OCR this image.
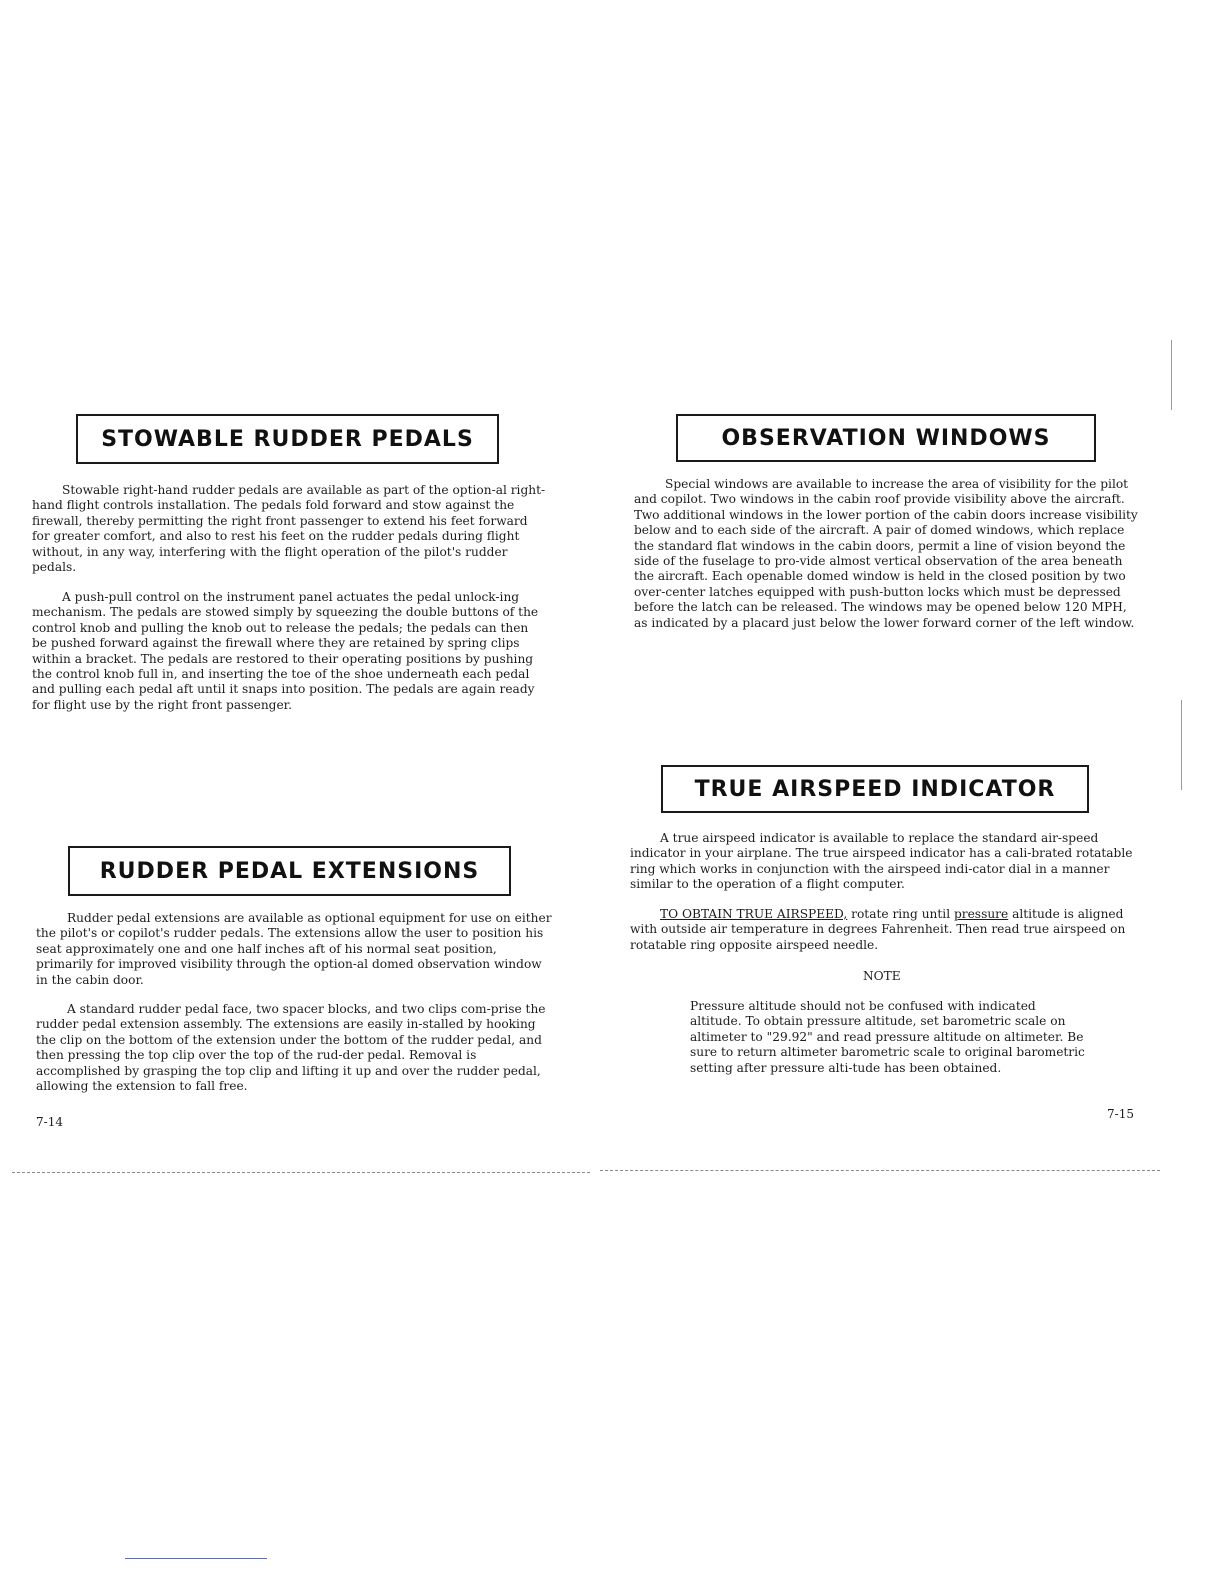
STOWABLE RUDDER PEDALS

Stowable right-hand rudder pedals are available as part of the option-al right-hand flight controls installation. The pedals fold forward and stow against the firewall, thereby permitting the right front passenger to extend his feet forward for greater comfort, and also to rest his feet on the rudder pedals during flight without, in any way, interfering with the flight operation of the pilot's rudder pedals.

A push-pull control on the instrument panel actuates the pedal unlock-ing mechanism. The pedals are stowed simply by squeezing the double buttons of the control knob and pulling the knob out to release the pedals; the pedals can then be pushed forward against the firewall where they are retained by spring clips within a bracket. The pedals are restored to their operating positions by pushing the control knob full in, and inserting the toe of the shoe underneath each pedal and pulling each pedal aft until it snaps into position. The pedals are again ready for flight use by the right front passenger.

RUDDER PEDAL EXTENSIONS

Rudder pedal extensions are available as optional equipment for use on either the pilot's or copilot's rudder pedals. The extensions allow the user to position his seat approximately one and one half inches aft of his normal seat position, primarily for improved visibility through the option-al domed observation window in the cabin door.

A standard rudder pedal face, two spacer blocks, and two clips com-prise the rudder pedal extension assembly. The extensions are easily in-stalled by hooking the clip on the bottom of the extension under the bottom of the rudder pedal, and then pressing the top clip over the top of the rud-der pedal. Removal is accomplished by grasping the top clip and lifting it up and over the rudder pedal, allowing the extension to fall free.

7-14
OBSERVATION WINDOWS

Special windows are available to increase the area of visibility for the pilot and copilot. Two windows in the cabin roof provide visibility above the aircraft. Two additional windows in the lower portion of the cabin doors increase visibility below and to each side of the aircraft. A pair of domed windows, which replace the standard flat windows in the cabin doors, permit a line of vision beyond the side of the fuselage to pro-vide almost vertical observation of the area beneath the aircraft. Each openable domed window is held in the closed position by two over-center latches equipped with push-button locks which must be depressed before the latch can be released. The windows may be opened below 120 MPH, as indicated by a placard just below the lower forward corner of the left window.

TRUE AIRSPEED INDICATOR

A true airspeed indicator is available to replace the standard air-speed indicator in your airplane. The true airspeed indicator has a cali-brated rotatable ring which works in conjunction with the airspeed indi-cator dial in a manner similar to the operation of a flight computer.

TO OBTAIN TRUE AIRSPEED, rotate ring until pressure altitude is aligned with outside air temperature in degrees Fahrenheit. Then read true airspeed on rotatable ring opposite airspeed needle.

NOTE

Pressure altitude should not be confused with indicated altitude. To obtain pressure altitude, set barometric scale on altimeter to "29.92" and read pressure altitude on altimeter. Be sure to return altimeter barometric scale to original barometric setting after pressure alti-tude has been obtained.

7-15
